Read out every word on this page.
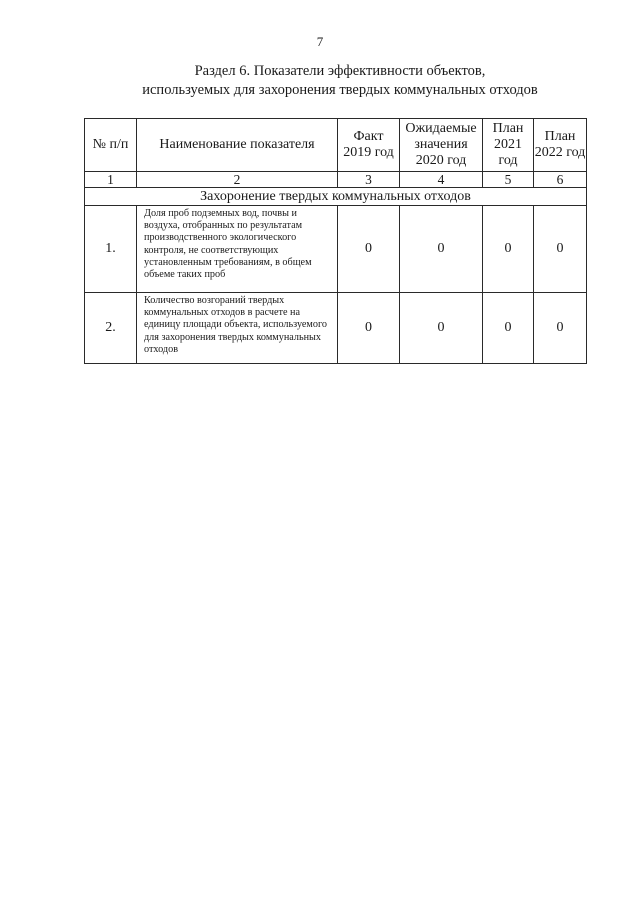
7
Раздел 6. Показатели эффективности объектов,
используемых для захоронения твердых коммунальных отходов
№ п/п	Наименование показателя	Факт 2019 год	Ожидаемые значения 2020 год	План 2021 год	План 2022 год
1	2	3	4	5	6
Захоронение твердых коммунальных отходов					
1.	Доля проб подземных вод, почвы и воздуха, отобранных по результатам производственного экологического контроля, не соответствующих установленным требованиям, в общем объеме таких проб	0	0	0	0
2.	Количество возгораний твердых коммунальных отходов в расчете на единицу площади объекта, используемого для захоронения твердых коммунальных отходов	0	0	0	0
